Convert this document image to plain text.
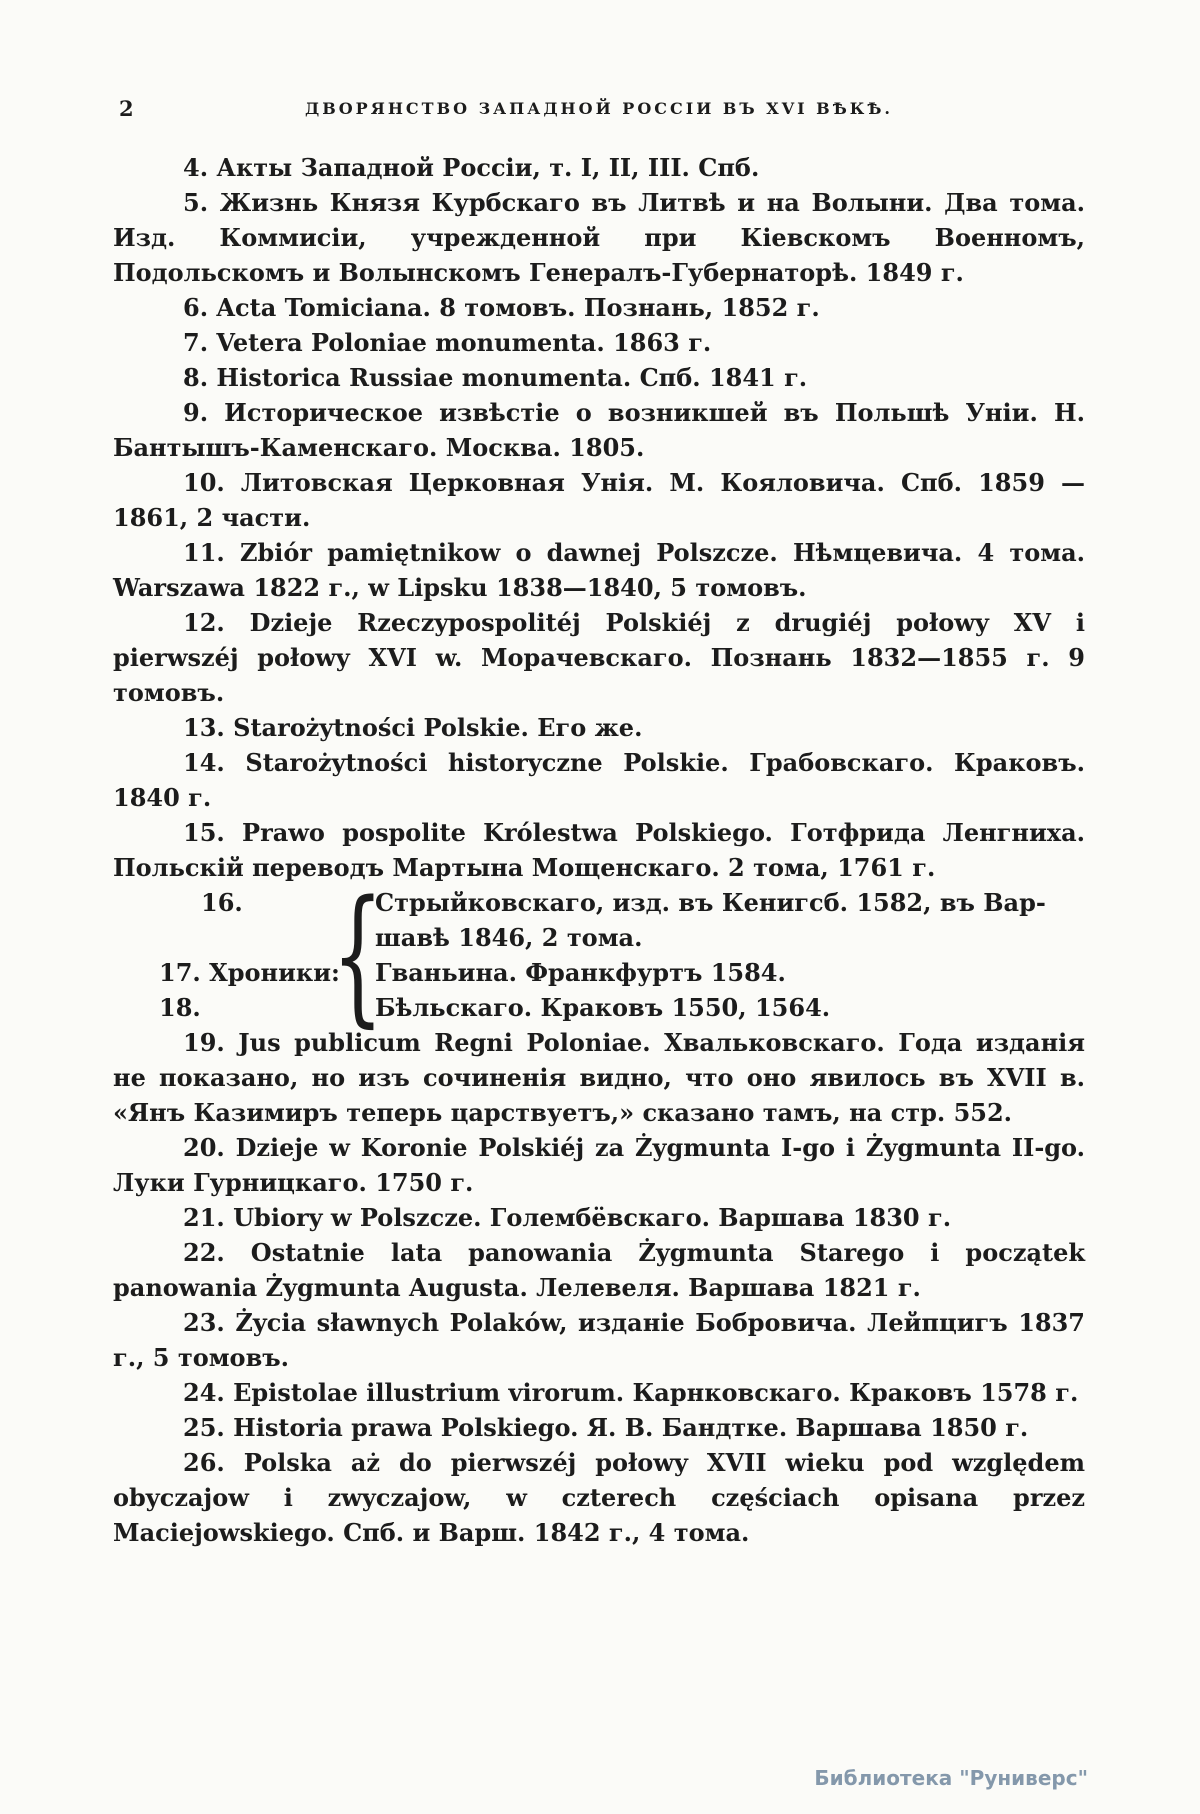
2	ДВОРЯНСТВО ЗАПАДНОЙ РОССІИ ВЪ XVI ВѢКѢ.

4. Акты Западной Россіи, т. I, II, III. Спб.

5. Жизнь Князя Курбскаго въ Литвѣ и на Волыни. Два тома. Изд. Коммисіи, учрежденной при Кіевскомъ Военномъ, Подольскомъ и Волынскомъ Генералъ-Губернаторѣ. 1849 г.

6. Acta Tomiciana. 8 томовъ. Познань, 1852 г.

7. Vetera Poloniae monumenta. 1863 г.

8. Historica Russiae monumenta. Спб. 1841 г.

9. Историческое извѣстіе о возникшей въ Польшѣ Уніи. Н. Бантышъ-Каменскаго. Москва. 1805.

10. Литовская Церковная Унія. М. Кояловича. Спб. 1859 — 1861, 2 части.

11. Zbiór pamiętnikow o dawnej Polszcze. Нѣмцевича. 4 тома. Warszawa 1822 г., w Lipsku 1838—1840, 5 томовъ.

12. Dzieje Rzeczypospolitéj Polskiéj z drugiéj połowy XV i pierwszéj połowy XVI w. Морачевскаго. Познань 1832—1855 г. 9 томовъ.

13. Starożytności Polskie. Его же.

14. Starożytności historyczne Polskie. Грабовскаго. Краковъ. 1840 г.

15. Prawo pospolite Królestwa Polskiego. Готфрида Ленгниха. Польскій переводъ Мартына Мощенскаго. 2 тома, 1761 г.

16.
17. Хроники:
18. {
Стрыйковскаго, изд. въ Кенигсб. 1582, въ Вар-
шавѣ 1846, 2 тома.
Гваньина. Франкфуртъ 1584.
Бѣльскаго. Краковъ 1550, 1564.

19. Jus publicum Regni Poloniae. Хвальковскаго. Года изданія не показано, но изъ сочиненія видно, что оно явилось въ XVII в. «Янъ Казимиръ теперь царствуетъ,» сказано тамъ, на стр. 552.

20. Dzieje w Koronie Polskiéj za Żygmunta I-go i Żygmunta II-go. Луки Гурницкаго. 1750 г.

21. Ubiory w Polszcze. Голембёвскаго. Варшава 1830 г.

22. Ostatnie lata panowania Żygmunta Starego i początek panowania Żygmunta Augusta. Лелевеля. Варшава 1821 г.

23. Życia sławnych Polaków, изданіе Бобровича. Лейпцигъ 1837 г., 5 томовъ.

24. Epistolae illustrium virorum. Карнковскаго. Краковъ 1578 г.

25. Historia prawa Polskiego. Я. В. Бандтке. Варшава 1850 г.

26. Polska aż do pierwszéj połowy XVII wieku pod względem obyczajow i zwyczajow, w czterech częściach opisana przez Maciejowskiego. Спб. и Варш. 1842 г., 4 тома.

Библиотека "Руниверс"
